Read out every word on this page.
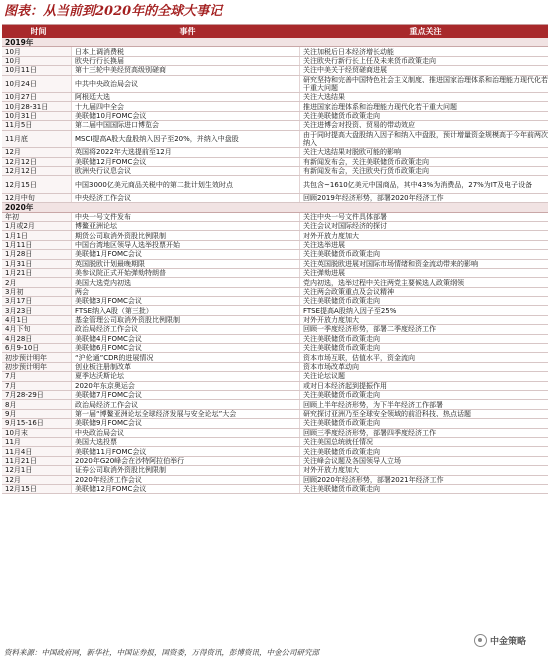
图表：从当前到2020年的全球大事记
时间	事件	重点关注
2019年
10月	日本上调消费税	关注加税后日本经济增长动能
10月	欧央行行长换届	关注欧央行新行长上任及未来货币政策走向
10月11日	第十三轮中美经贸高级别磋商	关注中美关于经贸磋商进展
10月24日	中共中央政治局会议	研究坚持和完善中国特色社会主义制度、推进国家治理体系和治理能力现代化若干重大问题
10月27日	阿根廷大选	关注大选结果
10月28-31日	十九届四中全会	推进国家治理体系和治理能力现代化若干重大问题
10月31日	美联储10月FOMC会议	关注美联储货币政策走向
11月5日	第二届中国国际进口博览会	关注进博会对投资、贸易的带动效应
11月底	MSCI提高A股大盘股纳入因子至20%，并纳入中盘股	由于同时提高大盘股纳入因子和纳入中盘股，预计增量资金规模高于今年前两次纳入
12月	英国将2022年大选提前至12月	关注大选结果对脱欧可能的影响
12月12日	美联储12月FOMC会议	有新闻发布会，关注美联储货币政策走向
12月12日	欧洲央行议息会议	有新闻发布会，关注欧央行货币政策走向
12月15日	中国3000亿美元商品关税中的第二批计划生效时点	共包含~1610亿美元中国商品，其中43%为消费品，27%为IT及电子设备
12月中旬	中央经济工作会议	回顾2019年经济形势，部署2020年经济工作
2020年
年初	中央一号文件发布	关注中央一号文件具体部署
1月或2月	博鳌亚洲论坛	关注会议对国际经济的探讨
1月1日	期货公司取消外资股比例限制	对外开放力度加大
1月11日	中国台湾地区领导人选举投票开始	关注选举进展
1月28日	美联储1月FOMC会议	关注美联储货币政策走向
1月31日	英国脱欧计划最晚期限	关注英国脱欧进展对国际市场情绪和资金流动带来的影响
1月21日	美参议院正式开始弹劾特朗普	关注弹劾进展
2月	美国大选党内初选	党内初选，选举过程中关注两党主要候选人政策纲领
3月初	两会	关注两会政策重点及会议精神
3月17日	美联储3月FOMC会议	关注美联储货币政策走向
3月23日	FTSE纳入A股（第三批）	FTSE提高A股纳入因子至25%
4月1日	基金管理公司取消外资股比例限制	对外开放力度加大
4月下旬	政治局经济工作会议	回顾一季度经济形势，部署二季度经济工作
4月28日	美联储4月FOMC会议	关注美联储货币政策走向
6月9-10日	美联储6月FOMC会议	关注美联储货币政策走向
初步预计明年	“沪伦通”CDR的进展情况	资本市场互联，估值水平，资金流向
初步预计明年	创业板注册制改革	资本市场改革动向
7月	夏季达沃斯论坛	关注论坛议题
7月	2020年东京奥运会	或对日本经济起到提振作用
7月28-29日	美联储7月FOMC会议	关注美联储货币政策走向
8月	政治局经济工作会议	回顾上半年经济形势，为下半年经济工作部署
9月	第一届“博鳌亚洲论坛全球经济发展与安全论坛”大会	研究探讨亚洲乃至全球安全领域的前沿科技、热点话题
9月15-16日	美联储9月FOMC会议	关注美联储货币政策走向
10月末	中央政治局会议	回顾三季度经济形势，部署四季度经济工作
11月	美国大选投票	关注美国总统就任情况
11月4日	美联储11月FOMC会议	关注美联储货币政策走向
11月21日	2020年G20峰会在沙特阿拉伯举行	关注峰会议题及各国领导人立场
12月1日	证券公司取消外资股比例限制	对外开放力度加大
12月	2020年经济工作会议	回顾2020年经济形势，部署2021年经济工作
12月15日	美联储12月FOMC会议	关注美联储货币政策走向
资料来源：中国政府网，新华社，中国证券报，国资委，万得资讯，彭博资讯，中金公司研究部
中金策略
